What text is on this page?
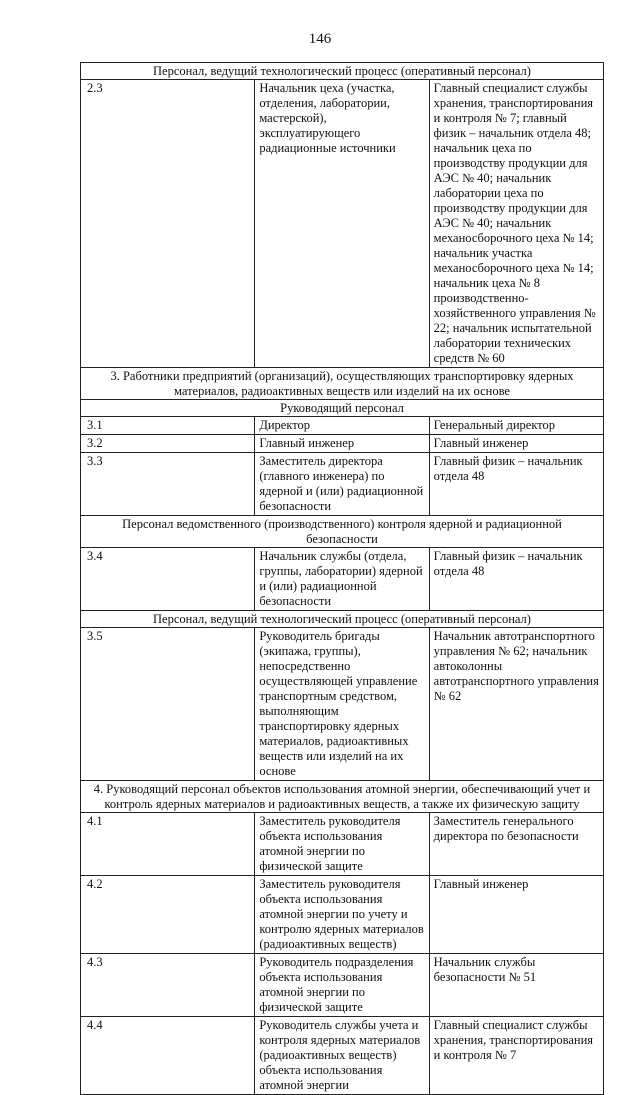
146
Персонал, ведущий технологический процесс (оперативный персонал)		
2.3	Начальник цеха (участка, отделения, лаборатории, мастерской), эксплуатирующего радиационные источники	Главный специалист службы хранения, транспортирования и контроля № 7; главный физик – начальник отдела 48; начальник цеха по производству продукции для АЭС № 40; начальник лаборатории цеха по производству продукции для АЭС № 40; начальник механосборочного цеха № 14; начальник участка механосборочного цеха № 14; начальник цеха № 8 производственно-хозяйственного управления № 22; начальник испытательной лаборатории технических средств № 60
3. Работники предприятий (организаций), осуществляющих транспортировку ядерных материалов, радиоактивных веществ или изделий на их основе		
Руководящий персонал		
3.1	Директор	Генеральный директор
3.2	Главный инженер	Главный инженер
3.3	Заместитель директора (главного инженера) по ядерной и (или) радиационной безопасности	Главный физик – начальник отдела 48
Персонал ведомственного (производственного) контроля ядерной и радиационной безопасности		
3.4	Начальник службы (отдела, группы, лаборатории) ядерной и (или) радиационной безопасности	Главный физик – начальник отдела 48
Персонал, ведущий технологический процесс (оперативный персонал)		
3.5	Руководитель бригады (экипажа, группы), непосредственно осуществляющей управление транспортным средством, выполняющим транспортировку ядерных материалов, радиоактивных веществ или изделий на их основе	Начальник автотранспортного управления № 62; начальник автоколонны автотранспортного управления № 62
4. Руководящий персонал объектов использования атомной энергии, обеспечивающий учет и контроль ядерных материалов и радиоактивных веществ, а также их физическую защиту		
4.1	Заместитель руководителя объекта использования атомной энергии по физической защите	Заместитель генерального директора по безопасности
4.2	Заместитель руководителя объекта использования атомной энергии по учету и контролю ядерных материалов (радиоактивных веществ)	Главный инженер
4.3	Руководитель подразделения объекта использования атомной энергии по физической защите	Начальник службы безопасности № 51
4.4	Руководитель службы учета и контроля ядерных материалов (радиоактивных веществ) объекта использования атомной энергии	Главный специалист службы хранения, транспортирования и контроля № 7
